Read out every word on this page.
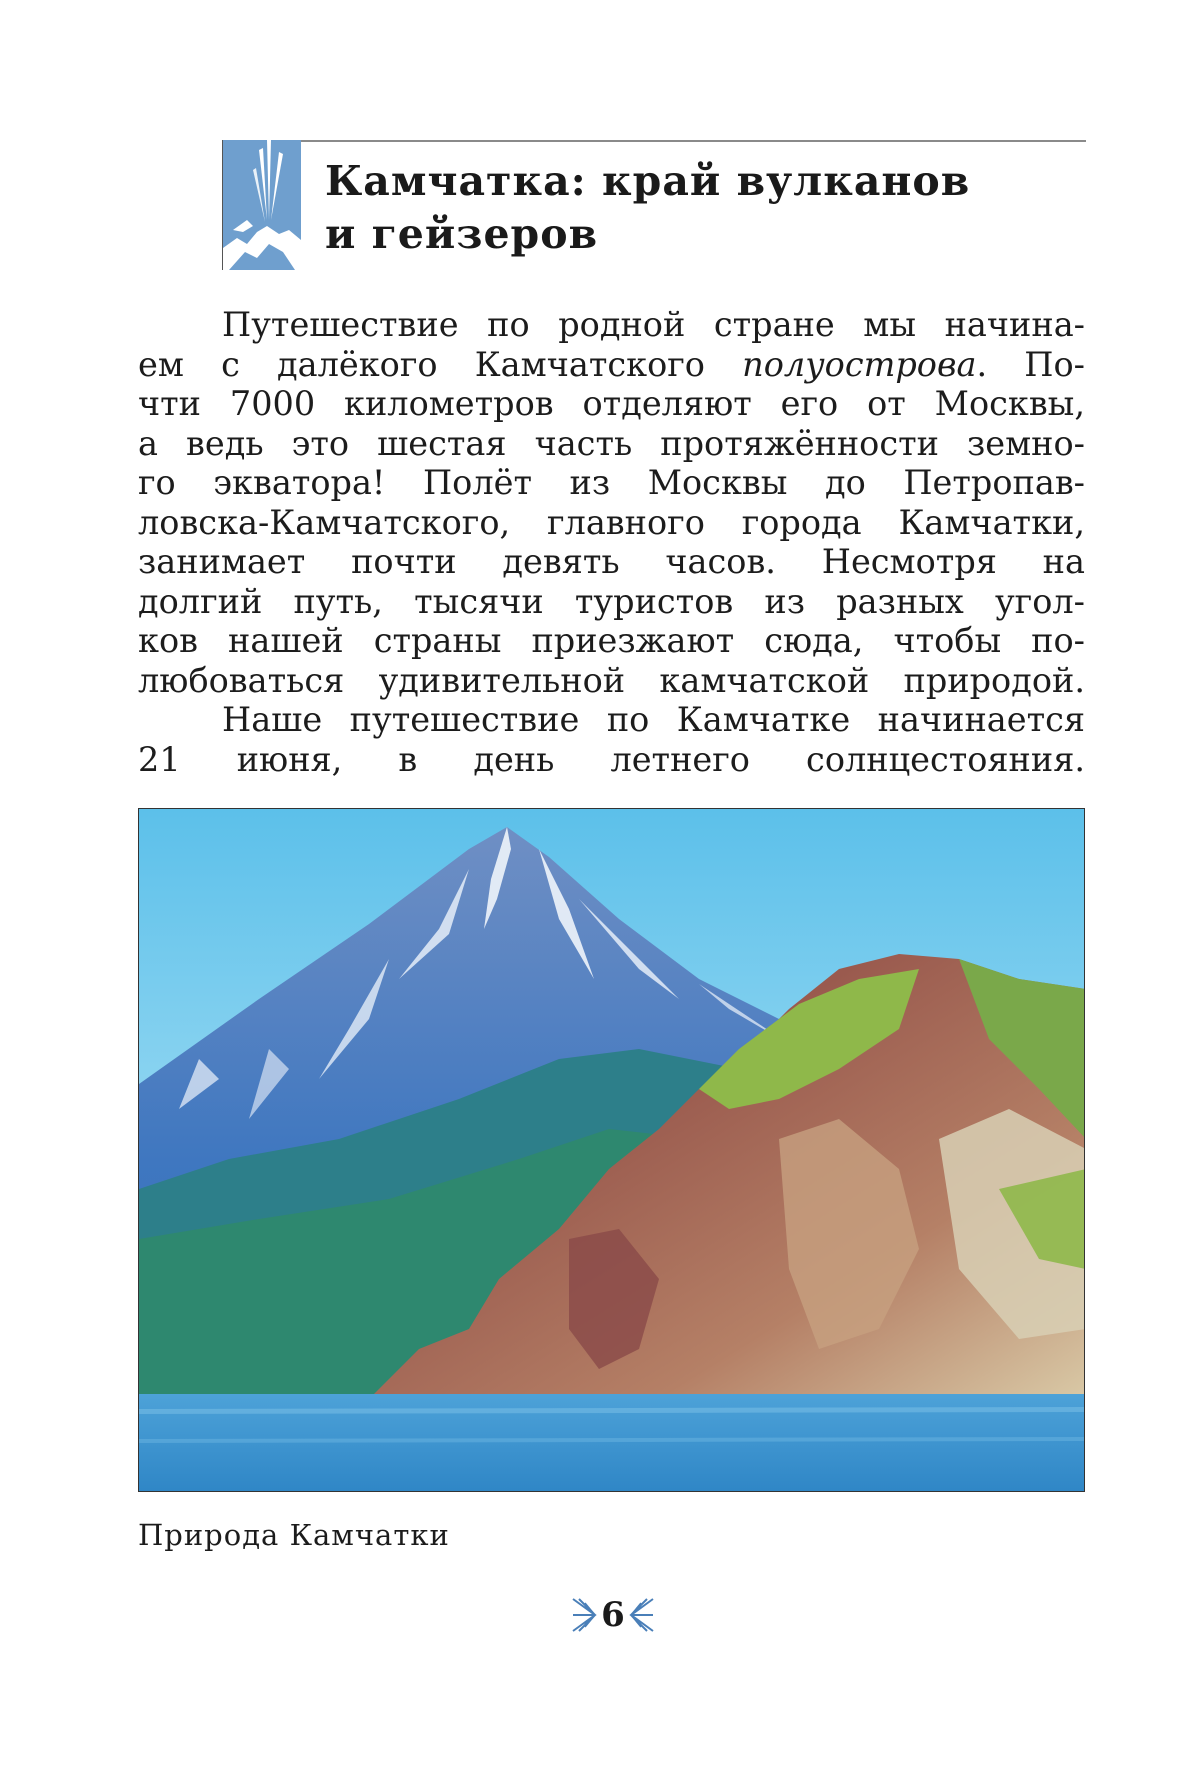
Камчатка: край вулканов
и гейзеров
Путешествие по родной стране мы начина-
ем с далёкого Камчатского полуострова. По-
чти 7000 километров отделяют его от Москвы,
а ведь это шестая часть протяжённости земно-
го экватора! Полёт из Москвы до Петропав-
ловска-Камчатского, главного города Камчатки,
занимает почти девять часов. Несмотря на
долгий путь, тысячи туристов из разных угол-
ков нашей страны приезжают сюда, чтобы по-
любоваться удивительной камчатской природой.
Наше путешествие по Камчатке начинается
21 июня, в день летнего солнцестояния.
Природа Камчатки
6
